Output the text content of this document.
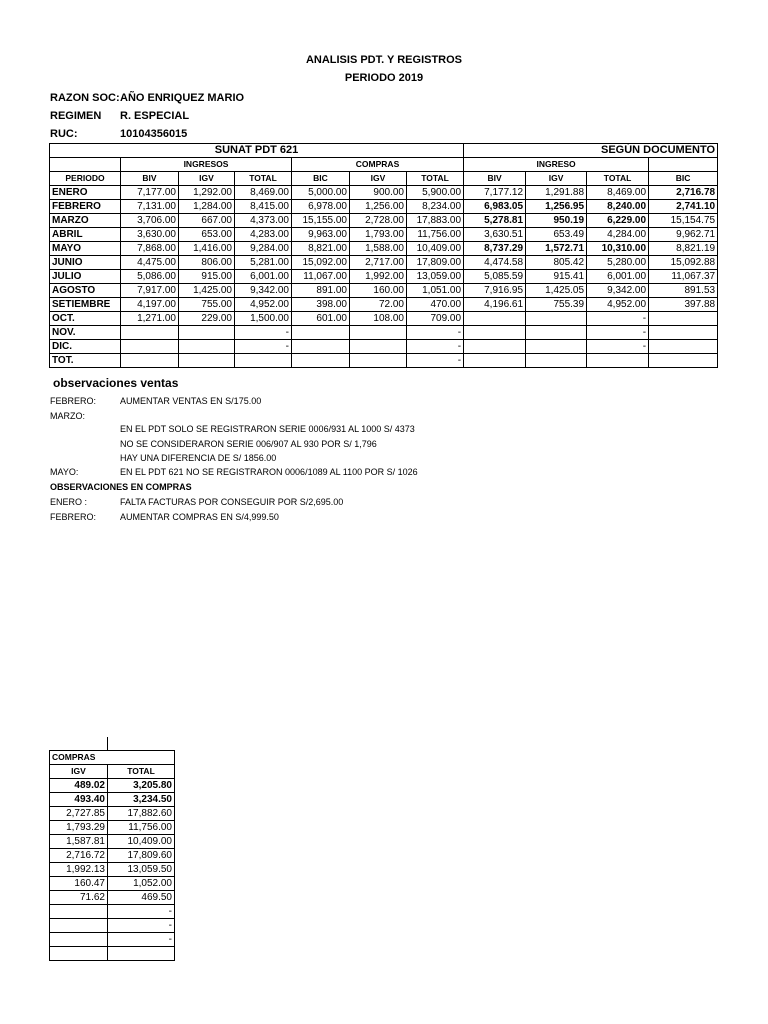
ANALISIS PDT. Y REGISTROS
PERIODO 2019
RAZON SOC: AÑO ENRIQUEZ MARIO
REGIMEN R. ESPECIAL
RUC:	10104356015
SUNAT PDT 621							SEGÚN DOCUMENTO			
	INGRESOS			COMPRAS			INGRESO			
PERIODO	BIV	IGV	TOTAL	BIC	IGV	TOTAL	BIV	IGV	TOTAL	BIC
ENERO	7,177.00	1,292.00	8,469.00	5,000.00	900.00	5,900.00	7,177.12	1,291.88	8,469.00	2,716.78
FEBRERO	7,131.00	1,284.00	8,415.00	6,978.00	1,256.00	8,234.00	6,983.05	1,256.95	8,240.00	2,741.10
MARZO	3,706.00	667.00	4,373.00	15,155.00	2,728.00	17,883.00	5,278.81	950.19	6,229.00	15,154.75
ABRIL	3,630.00	653.00	4,283.00	9,963.00	1,793.00	11,756.00	3,630.51	653.49	4,284.00	9,962.71
MAYO	7,868.00	1,416.00	9,284.00	8,821.00	1,588.00	10,409.00	8,737.29	1,572.71	10,310.00	8,821.19
JUNIO	4,475.00	806.00	5,281.00	15,092.00	2,717.00	17,809.00	4,474.58	805.42	5,280.00	15,092.88
JULIO	5,086.00	915.00	6,001.00	11,067.00	1,992.00	13,059.00	5,085.59	915.41	6,001.00	11,067.37
AGOSTO	7,917.00	1,425.00	9,342.00	891.00	160.00	1,051.00	7,916.95	1,425.05	9,342.00	891.53
SETIEMBRE	4,197.00	755.00	4,952.00	398.00	72.00	470.00	4,196.61	755.39	4,952.00	397.88
OCT.	1,271.00	229.00	1,500.00	601.00	108.00	709.00			-	
NOV.			-			-			-	
DIC.			-			-			-	
TOT.						-				
observaciones ventas
FEBRERO:	AUMENTAR VENTAS EN S/175.00
MARZO:
EN EL PDT SOLO SE REGISTRARON SERIE 0006/931 AL 1000 S/ 4373
NO SE CONSIDERARON SERIE 006/907 AL 930 POR S/ 1,796
HAY UNA DIFERENCIA DE S/ 1856.00
MAYO:	EN EL PDT 621 NO SE REGISTRARON 0006/1089 AL 1100 POR S/ 1026
OBSERVACIONES EN COMPRAS
ENERO :	FALTA FACTURAS POR CONSEGUIR POR S/2,695.00
FEBRERO:	AUMENTAR COMPRAS EN S/4,999.50

COMPRAS	
IGV	TOTAL
489.02	3,205.80
493.40	3,234.50
2,727.85	17,882.60
1,793.29	11,756.00
1,587.81	10,409.00
2,716.72	17,809.60
1,992.13	13,059.50
160.47	1,052.00
71.62	469.50
	-
	-
	-
